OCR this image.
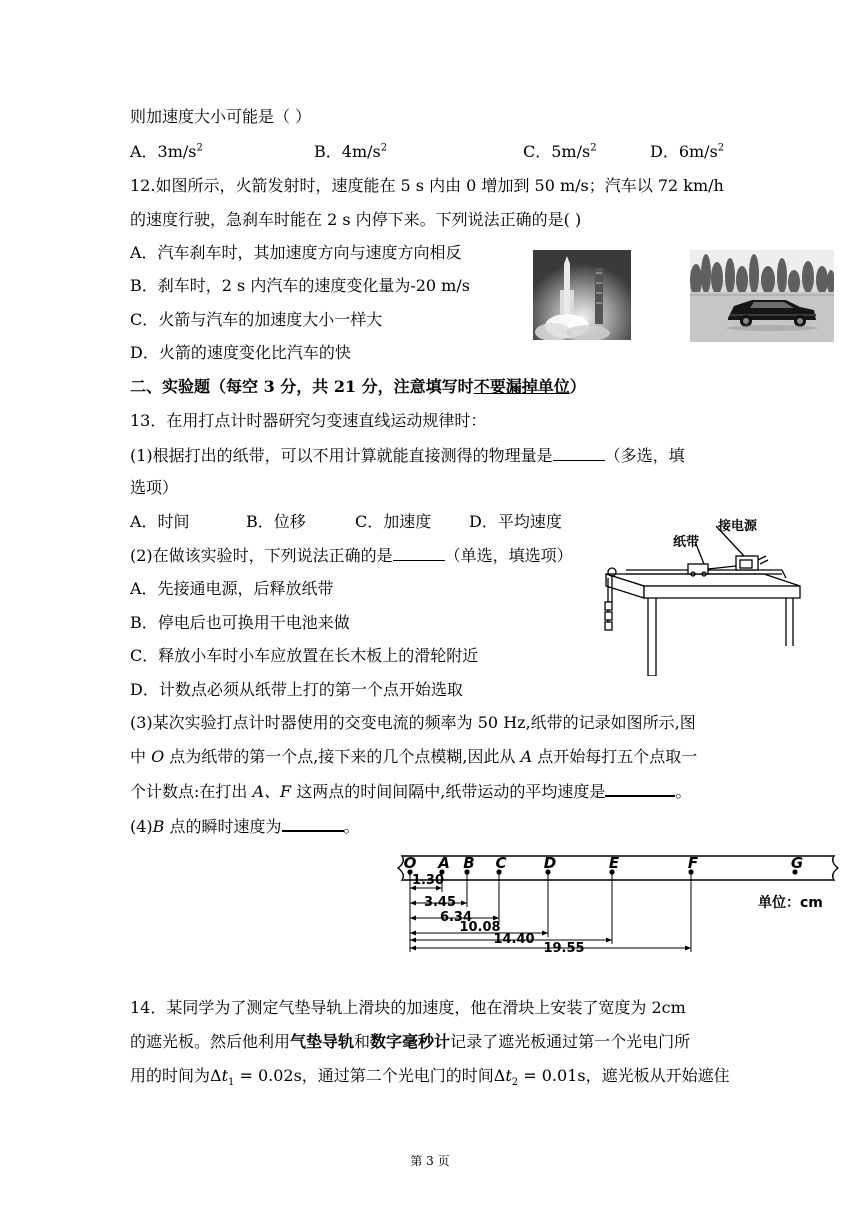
则加速度大小可能是（ ）
A．$3m/s^2$	B．$4m/s^2$	C．$5m/s^2$	D．$6m/s^2$
12.如图所示，火箭发射时，速度能在 5 s 内由 0 增加到 50 m/s；汽车以 72 km/h
的速度行驶，急刹车时能在 2 s 内停下来。下列说法正确的是( )
A．汽车刹车时，其加速度方向与速度方向相反
B．刹车时，2 s 内汽车的速度变化量为-20 m/s
C．火箭与汽车的加速度大小一样大
D．火箭的速度变化比汽车的快
二、实验题（每空 3 分，共 21 分，注意填写时不要漏掉单位）
13．在用打点计时器研究匀变速直线运动规律时：
(1)根据打出的纸带，可以不用计算就能直接测得的物理量是	（多选，填
选项）
A．时间	B．位移	C．加速度 D．平均速度
(2)在做该实验时，下列说法正确的是	（单选，填选项）
A．先接通电源，后释放纸带
B．停电后也可换用干电池来做
C．释放小车时小车应放置在长木板上的滑轮附近
D．计数点必须从纸带上打的第一个点开始选取
接电源
纸带
(3)某次实验打点计时器使用的交变电流的频率为 50 Hz,纸带的记录如图所示,图
中 O 点为纸带的第一个点,接下来的几个点模糊,因此从 A 点开始每打五个点取一
个计数点:在打出 A、F 这两点的时间间隔中,纸带运动的平均速度是	。
(4)B 点的瞬时速度为	。
O A B C D	E	F	G
1.30
3.45
6.34
10.08
14.40
19.55
单位：cm
14．某同学为了测定气垫导轨上滑块的加速度，他在滑块上安装了宽度为 2cm
的遮光板。然后他利用气垫导轨和数字毫秒计记录了遮光板通过第一个光电门所
用的时间为$\Delta t_1 = 0.02s$，通过第二个光电门的时间$\Delta t_2 = 0.01s$，遮光板从开始遮住
第 3 页
